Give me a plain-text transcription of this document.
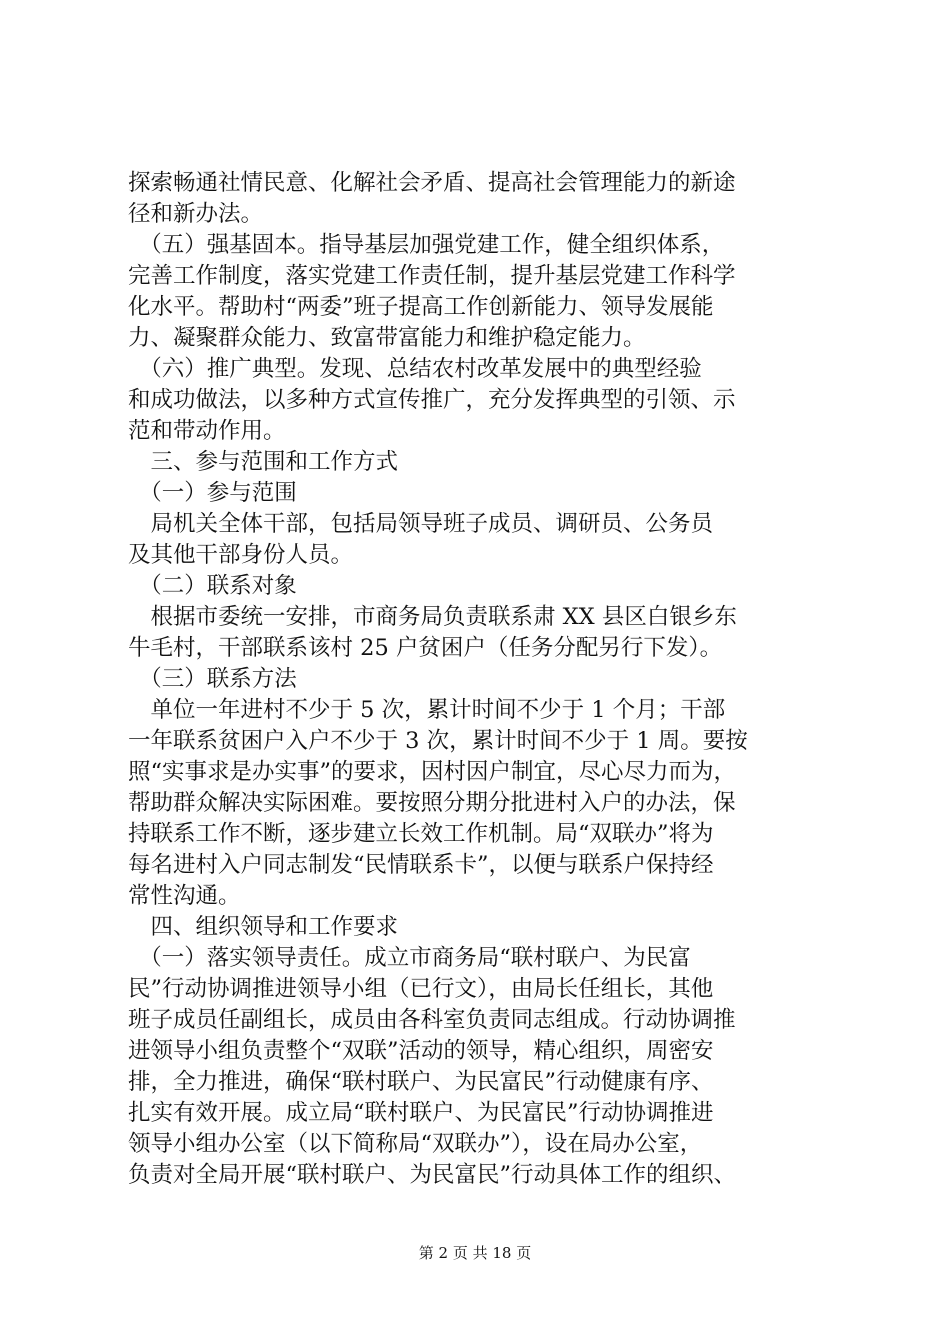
探索畅通社情民意、化解社会矛盾、提高社会管理能力的新途
径和新办法。
　（五）强基固本。指导基层加强党建工作，健全组织体系，
完善工作制度，落实党建工作责任制，提升基层党建工作科学
化水平。帮助村“两委”班子提高工作创新能力、领导发展能
力、凝聚群众能力、致富带富能力和维护稳定能力。
　（六）推广典型。发现、总结农村改革发展中的典型经验
和成功做法，以多种方式宣传推广，充分发挥典型的引领、示
范和带动作用。
　三、参与范围和工作方式
　（一）参与范围
　局机关全体干部，包括局领导班子成员、调研员、公务员
及其他干部身份人员。
　（二）联系对象
　根据市委统一安排，市商务局负责联系肃 XX 县区白银乡东
牛毛村，干部联系该村 25 户贫困户（任务分配另行下发）。
　（三）联系方法
　单位一年进村不少于 5 次，累计时间不少于 1 个月；干部
一年联系贫困户入户不少于 3 次，累计时间不少于 1 周。要按
照“实事求是办实事”的要求，因村因户制宜，尽心尽力而为，
帮助群众解决实际困难。要按照分期分批进村入户的办法，保
持联系工作不断，逐步建立长效工作机制。局“双联办”将为
每名进村入户同志制发“民情联系卡”，以便与联系户保持经
常性沟通。
　四、组织领导和工作要求
　（一）落实领导责任。成立市商务局“联村联户、为民富
民”行动协调推进领导小组（已行文），由局长任组长，其他
班子成员任副组长，成员由各科室负责同志组成。行动协调推
进领导小组负责整个“双联”活动的领导，精心组织，周密安
排，全力推进，确保“联村联户、为民富民”行动健康有序、
扎实有效开展。成立局“联村联户、为民富民”行动协调推进
领导小组办公室（以下简称局“双联办”），设在局办公室，
负责对全局开展“联村联户、为民富民”行动具体工作的组织、
第 2 页 共 18 页
